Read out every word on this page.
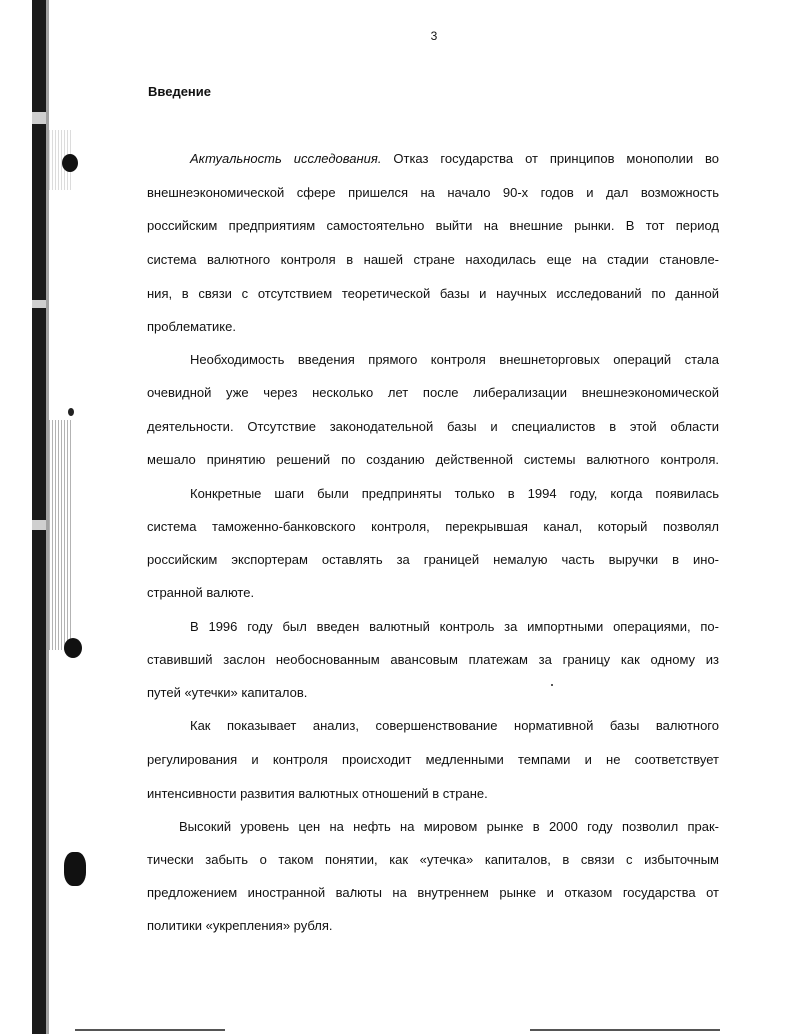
3
Введение
Актуальность исследования. Отказ государства от принципов монополии во
внешнеэкономической сфере пришелся на начало 90-х годов и дал возможность
российским предприятиям самостоятельно выйти на внешние рынки. В тот период
система валютного контроля в нашей стране находилась еще на стадии становле-
ния, в связи с отсутствием теоретической базы и научных исследований по данной
проблематике.
Необходимость введения прямого контроля внешнеторговых операций стала
очевидной уже через несколько лет после либерализации внешнеэкономической
деятельности. Отсутствие законодательной базы и специалистов в этой области
мешало принятию решений по созданию действенной системы валютного контроля.
Конкретные шаги были предприняты только в 1994 году, когда появилась
система таможенно-банковского контроля, перекрывшая канал, который позволял
российским экспортерам оставлять за границей немалую часть выручки в ино-
странной валюте.
В 1996 году был введен валютный контроль за импортными операциями, по-
ставивший заслон необоснованным авансовым платежам за границу как одному из
путей «утечки» капиталов.
Как показывает анализ, совершенствование нормативной базы валютного
регулирования и контроля происходит медленными темпами и не соответствует
интенсивности развития валютных отношений в стране.
Высокий уровень цен на нефть на мировом рынке в 2000 году позволил прак-
тически забыть о таком понятии, как «утечка» капиталов, в связи с избыточным
предложением иностранной валюты на внутреннем рынке и отказом государства от
политики «укрепления» рубля.
